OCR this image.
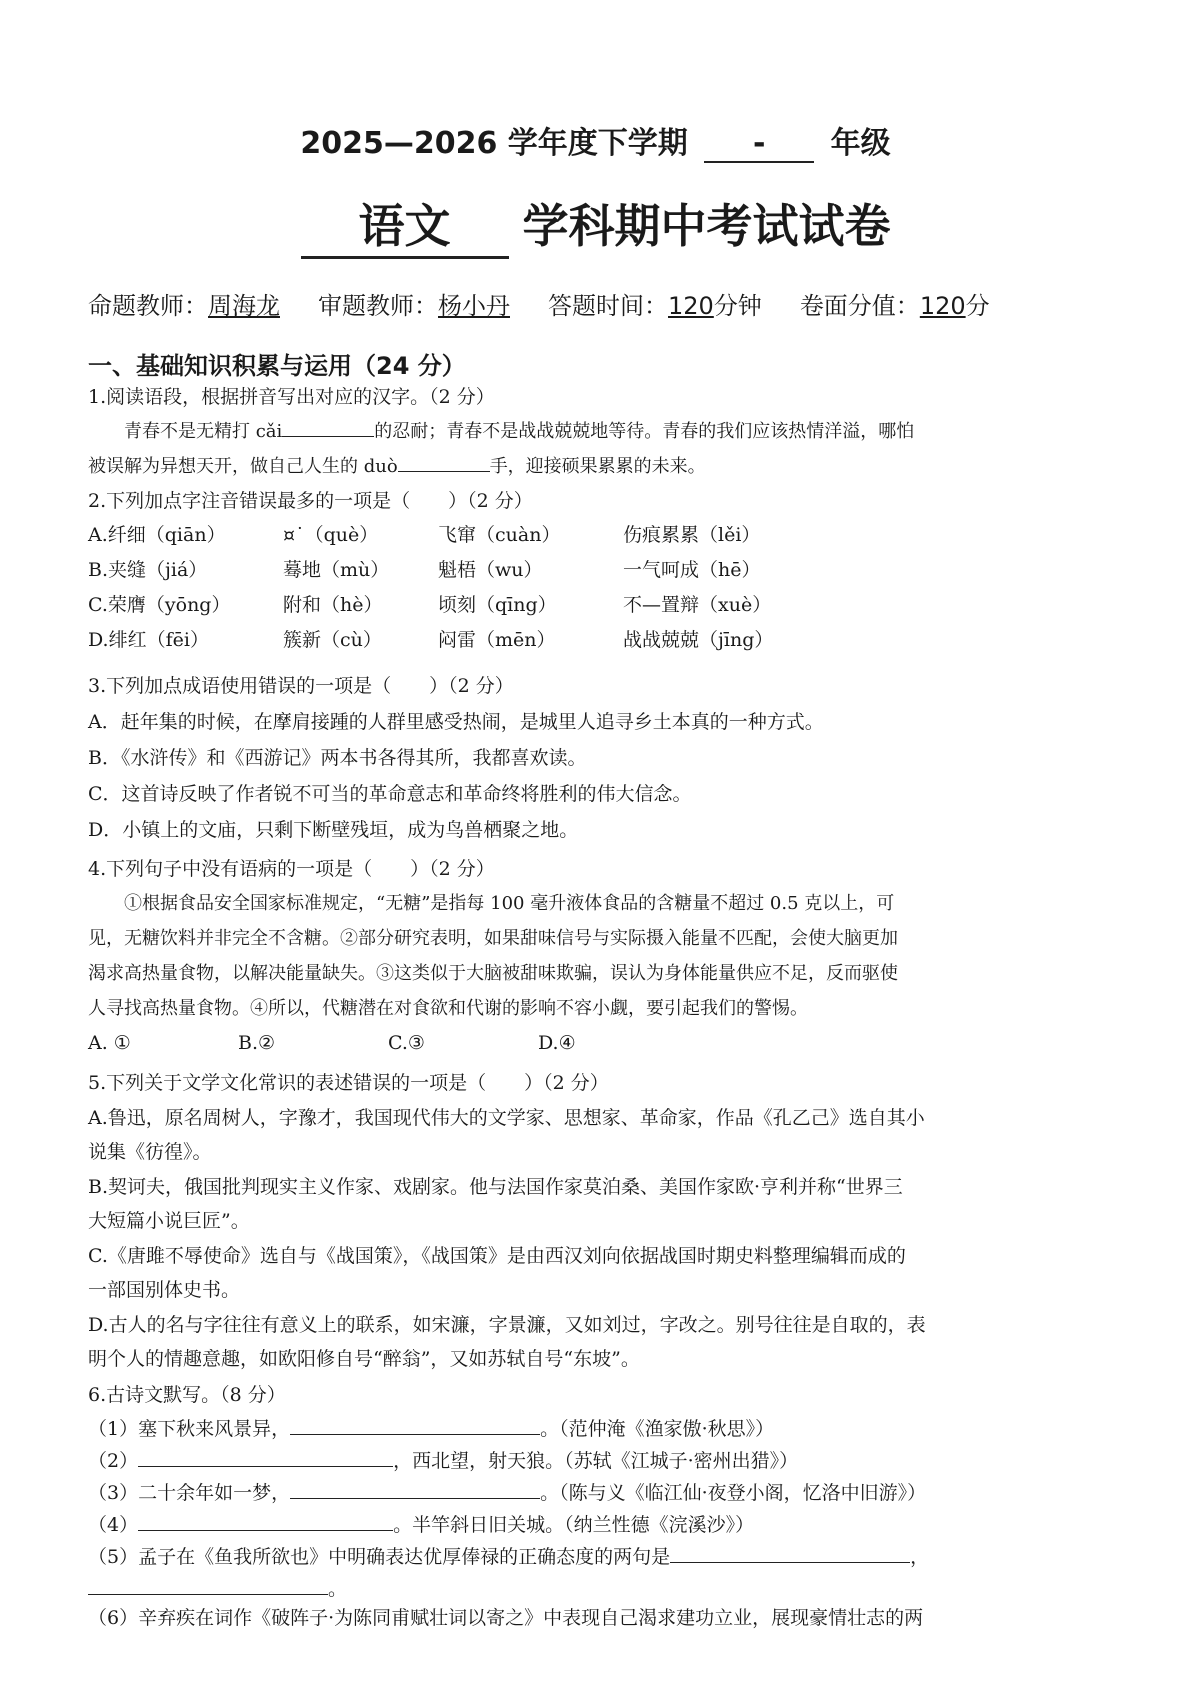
2025—2026 学年度下学期 - 年级
语文 学科期中考试试卷
命题教师：周海龙 审题教师：杨小丹 答题时间：120分钟 卷面分值：120分
一、基础知识积累与运用（24 分）
1.阅读语段，根据拼音写出对应的汉字。（2 分）
青春不是无精打 cǎi	的忍耐；青春不是战战兢兢地等待。青春的我们应该热情洋溢，哪怕
被误解为异想天开，做自己人生的 duò	手，迎接硕果累累的未来。
2.下列加点字注音错误最多的一项是（　　）（2 分）
A.纤细（qiān）	¤˙（què）	飞窜（cuàn）	伤痕累累（lěi）
B.夹缝（jiá）	蓦地（mù）	魁梧（wu）	一气呵成（hē）
C.荣膺（yōng）	附和（hè）	顷刻（qīng）	不—置辩（xuè）
D.绯红（fēi）	簇新（cù）	闷雷（mēn）	战战兢兢（jīng）
3.下列加点成语使用错误的一项是（　　）（2 分）
A．赶年集的时候，在摩肩接踵的人群里感受热闹，是城里人追寻乡土本真的一种方式。
B．《水浒传》和《西游记》两本书各得其所，我都喜欢读。
C．这首诗反映了作者锐不可当的革命意志和革命终将胜利的伟大信念。
D．小镇上的文庙，只剩下断壁残垣，成为鸟兽栖聚之地。
4.下列句子中没有语病的一项是（　　）（2 分）
①根据食品安全国家标准规定，“无糖”是指每 100 毫升液体食品的含糖量不超过 0.5 克以上，可
见，无糖饮料并非完全不含糖。②部分研究表明，如果甜味信号与实际摄入能量不匹配，会使大脑更加
渴求高热量食物，以解决能量缺失。③这类似于大脑被甜味欺骗，误认为身体能量供应不足，反而驱使
人寻找高热量食物。④所以，代糖潜在对食欲和代谢的影响不容小觑，要引起我们的警惕。
A. ①	B.②	C.③	D.④
5.下列关于文学文化常识的表述错误的一项是（　　）（2 分）
A.鲁迅，原名周树人，字豫才，我国现代伟大的文学家、思想家、革命家，作品《孔乙己》选自其小
说集《彷徨》。
B.契诃夫，俄国批判现实主义作家、戏剧家。他与法国作家莫泊桑、美国作家欧·亨利并称“世界三
大短篇小说巨匠”。
C.《唐雎不辱使命》选自与《战国策》，《战国策》是由西汉刘向依据战国时期史料整理编辑而成的
一部国别体史书。
D.古人的名与字往往有意义上的联系，如宋濂，字景濂，又如刘过，字改之。别号往往是自取的，表
明个人的情趣意趣，如欧阳修自号“醉翁”，又如苏轼自号“东坡”。
6.古诗文默写。（8 分）
（1）塞下秋来风景异，	。（范仲淹《渔家傲·秋思》）
（2）	，西北望，射天狼。（苏轼《江城子·密州出猎》）
（3）二十余年如一梦，	。（陈与义《临江仙·夜登小阁，忆洛中旧游》）
（4）	。半竿斜日旧关城。（纳兰性德《浣溪沙》）
（5）孟子在《鱼我所欲也》中明确表达优厚俸禄的正确态度的两句是	，
。
（6）辛弃疾在词作《破阵子·为陈同甫赋壮词以寄之》中表现自己渴求建功立业，展现豪情壮志的两
